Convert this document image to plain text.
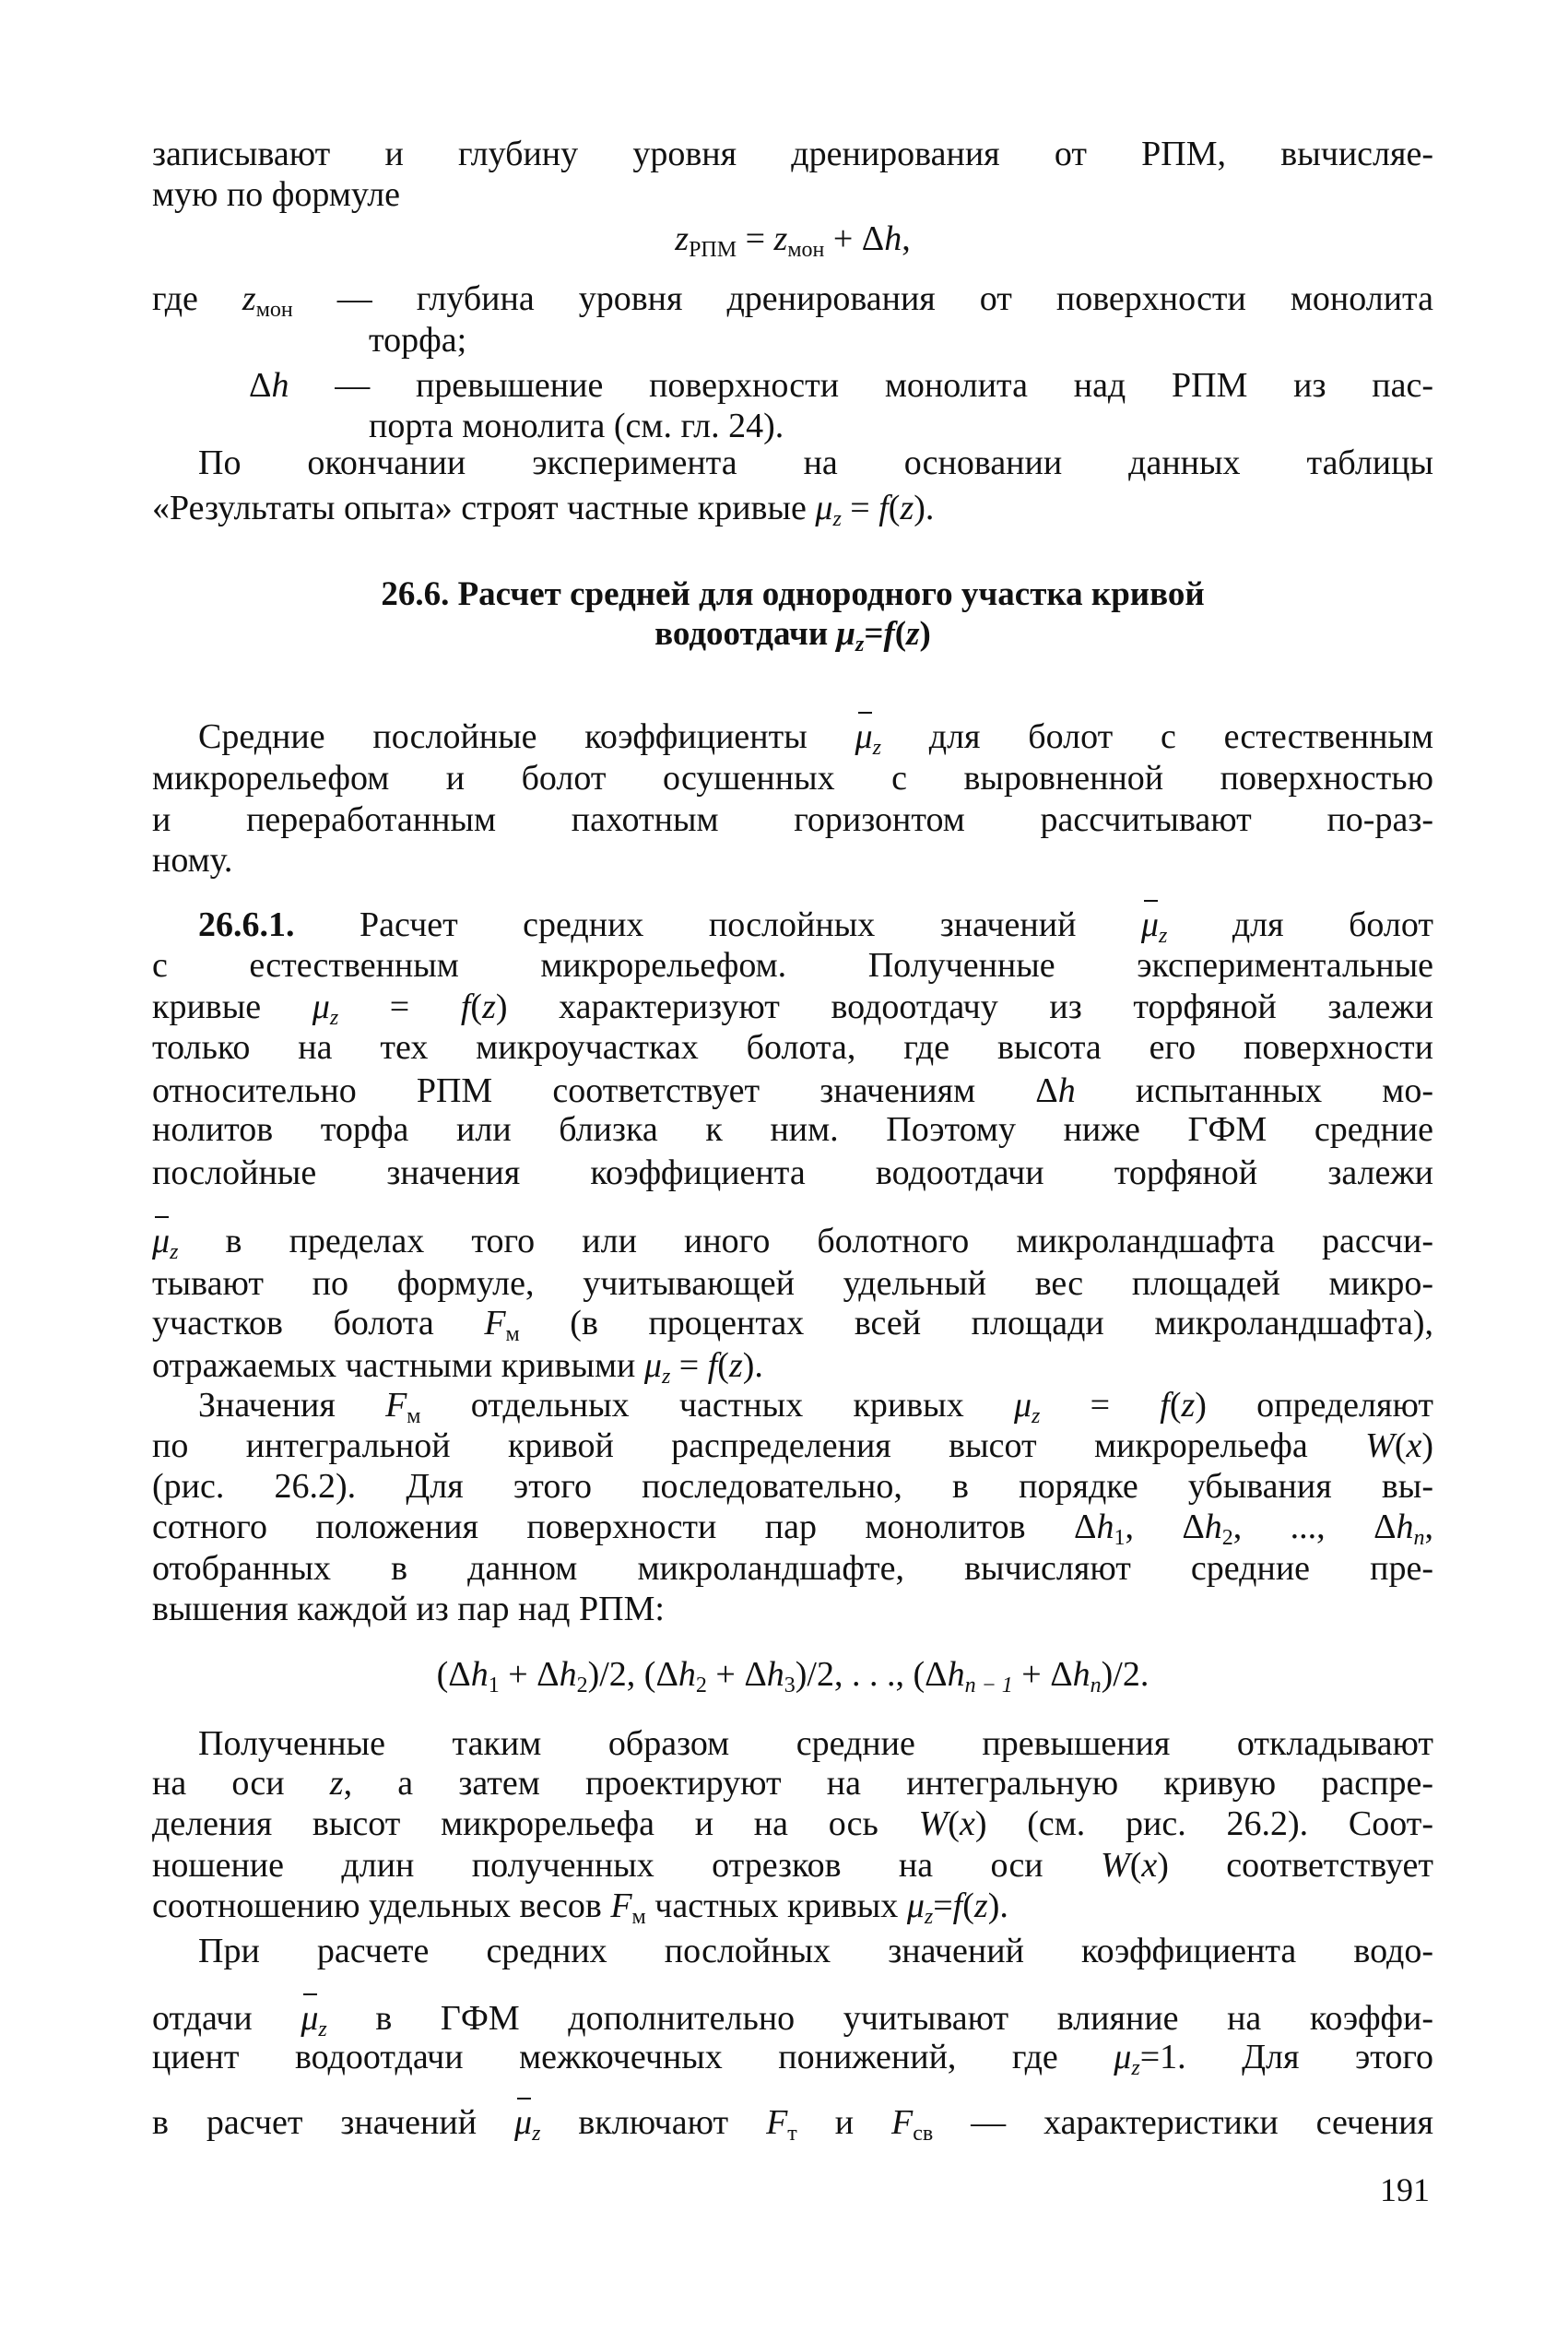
191
записывают и глубину уровня дренирования от РПМ, вычисляе-
мую по формуле
zРПМ = zмон + Δh,
где zмон — глубина уровня дренирования от поверхности монолита
торфа;
Δh — превышение поверхности монолита над РПМ из пас-
порта монолита (см. гл. 24).
По окончании эксперимента на основании данных таблицы
«Результаты опыта» строят частные кривые μz = f(z).
26.6. Расчет средней для однородного участка кривой
водоотдачи μz=f(z)
Средние послойные коэффициенты μz для болот с естественным
микрорельефом и болот осушенных с выровненной поверхностью
и переработанным пахотным горизонтом рассчитывают по-раз-
ному.
26.6.1. Расчет средних послойных значений μz для болот
с естественным микрорельефом. Полученные экспериментальные
кривые μz = f(z) характеризуют водоотдачу из торфяной залежи
только на тех микроучастках болота, где высота его поверхности
относительно РПМ соответствует значениям Δh испытанных мо-
нолитов торфа или близка к ним. Поэтому ниже ГФМ средние
послойные значения коэффициента водоотдачи торфяной залежи
μz в пределах того или иного болотного микроландшафта рассчи-
тывают по формуле, учитывающей удельный вес площадей микро-
участков болота Fм (в процентах всей площади микроландшафта),
отражаемых частными кривыми μz = f(z).
Значения Fм отдельных частных кривых μz = f(z) определяют
по интегральной кривой распределения высот микрорельефа W(x)
(рис. 26.2). Для этого последовательно, в порядке убывания вы-
сотного положения поверхности пар монолитов Δh1, Δh2, ..., Δhn,
отобранных в данном микроландшафте, вычисляют средние пре-
вышения каждой из пар над РПМ:
(Δh1 + Δh2)/2, (Δh2 + Δh3)/2, . . ., (Δhn − 1 + Δhn)/2.
Полученные таким образом средние превышения откладывают
на оси z, а затем проектируют на интегральную кривую распре-
деления высот микрорельефа и на ось W(x) (см. рис. 26.2). Соот-
ношение длин полученных отрезков на оси W(x) соответствует
соотношению удельных весов Fм частных кривых μz=f(z).
При расчете средних послойных значений коэффициента водо-
отдачи μz в ГФМ дополнительно учитывают влияние на коэффи-
циент водоотдачи межкочечных понижений, где μz=1. Для этого
в расчет значений μz включают Fт и Fсв — характеристики сечения
